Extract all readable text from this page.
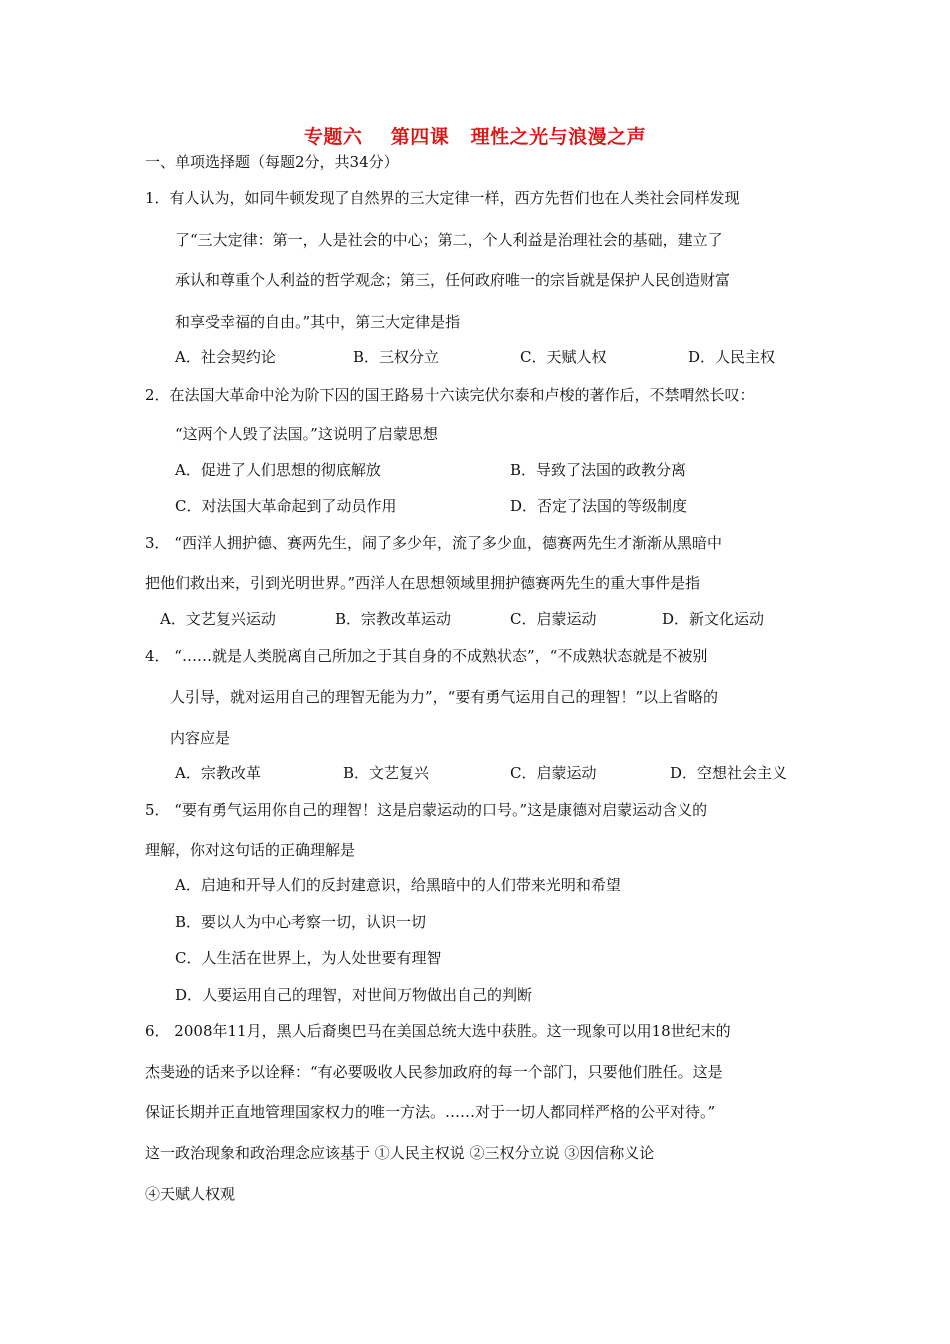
专题六    第四课   理性之光与浪漫之声
一、单项选择题（每题2分，共34分）
1．有人认为，如同牛顿发现了自然界的三大定律一样，西方先哲们也在人类社会同样发现
了“三大定律：第一，人是社会的中心；第二，个人利益是治理社会的基础，建立了
承认和尊重个人利益的哲学观念；第三，任何政府唯一的宗旨就是保护人民创造财富
和享受幸福的自由。”其中，第三大定律是指
A．社会契约论	B．三权分立	C．天赋人权	D．人民主权
2．在法国大革命中沦为阶下囚的国王路易十六读完伏尔泰和卢梭的著作后，不禁喟然长叹：
“这两个人毁了法国。”这说明了启蒙思想
A．促进了人们思想的彻底解放	B．导致了法国的政教分离
C．对法国大革命起到了动员作用	D．否定了法国的等级制度
3． “西洋人拥护德、赛两先生，闹了多少年，流了多少血，德赛两先生才渐渐从黑暗中
把他们救出来，引到光明世界。”西洋人在思想领域里拥护德赛两先生的重大事件是指
A．文艺复兴运动	B．宗教改革运动	C．启蒙运动	D．新文化运动
4． “……就是人类脱离自己所加之于其自身的不成熟状态”，“不成熟状态就是不被别
人引导，就对运用自己的理智无能为力”，“要有勇气运用自己的理智！”以上省略的
内容应是
A．宗教改革	B．文艺复兴	C．启蒙运动	D．空想社会主义
5． “要有勇气运用你自己的理智！这是启蒙运动的口号。”这是康德对启蒙运动含义的
理解，你对这句话的正确理解是
A．启迪和开导人们的反封建意识，给黑暗中的人们带来光明和希望
B．要以人为中心考察一切，认识一切
C．人生活在世界上，为人处世要有理智
D．人要运用自己的理智，对世间万物做出自己的判断
6． 2008年11月，黑人后裔奥巴马在美国总统大选中获胜。这一现象可以用18世纪末的
杰斐逊的话来予以诠释：“有必要吸收人民参加政府的每一个部门，只要他们胜任。这是
保证长期并正直地管理国家权力的唯一方法。……对于一切人都同样严格的公平对待。”
这一政治现象和政治理念应该基于 ①人民主权说 ②三权分立说 ③因信称义论
④天赋人权观
